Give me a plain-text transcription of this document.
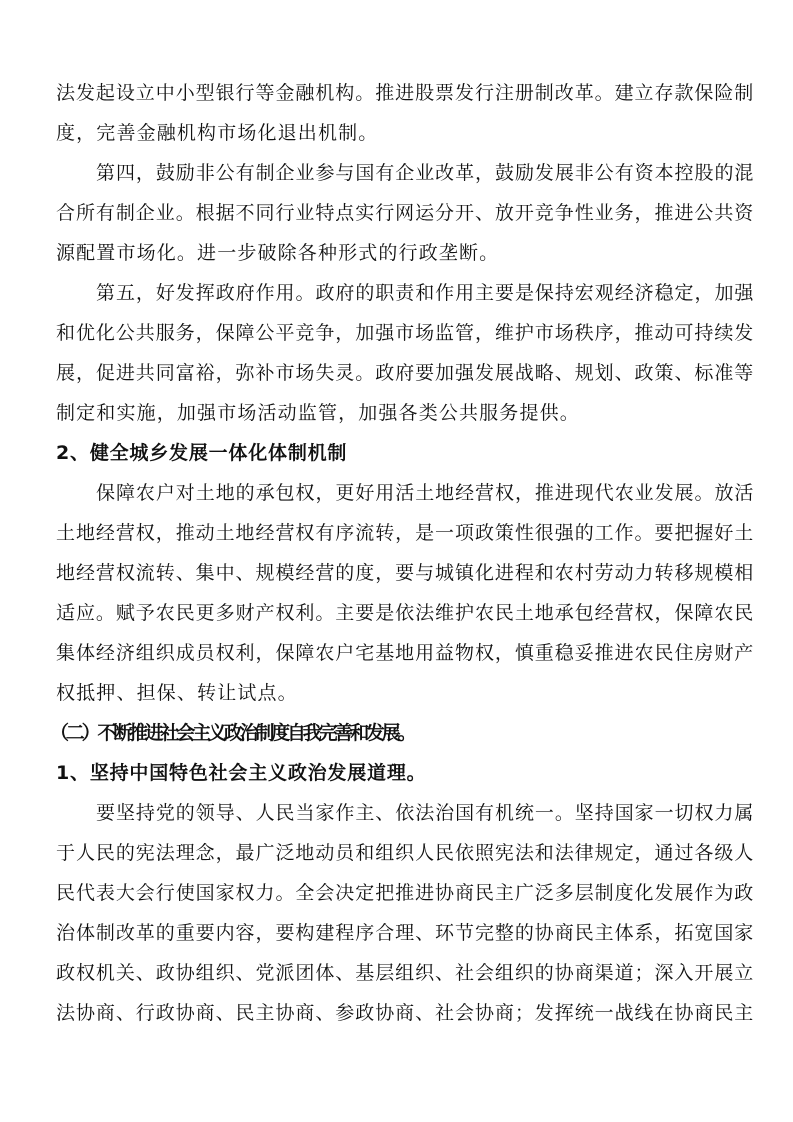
法发起设立中小型银行等金融机构。推进股票发行注册制改革。建立存款保险制
度，完善金融机构市场化退出机制。
第四，鼓励非公有制企业参与国有企业改革，鼓励发展非公有资本控股的混
合所有制企业。根据不同行业特点实行网运分开、放开竞争性业务，推进公共资
源配置市场化。进一步破除各种形式的行政垄断。
第五，好发挥政府作用。政府的职责和作用主要是保持宏观经济稳定，加强
和优化公共服务，保障公平竞争，加强市场监管，维护市场秩序，推动可持续发
展，促进共同富裕，弥补市场失灵。政府要加强发展战略、规划、政策、标准等
制定和实施，加强市场活动监管，加强各类公共服务提供。
2、健全城乡发展一体化体制机制
保障农户对土地的承包权，更好用活土地经营权，推进现代农业发展。放活
土地经营权，推动土地经营权有序流转，是一项政策性很强的工作。要把握好土
地经营权流转、集中、规模经营的度，要与城镇化进程和农村劳动力转移规模相
适应。赋予农民更多财产权利。主要是依法维护农民土地承包经营权，保障农民
集体经济组织成员权利，保障农户宅基地用益物权，慎重稳妥推进农民住房财产
权抵押、担保、转让试点。
（二）不断推进社会主义政治制度自我完善和发展。
1、坚持中国特色社会主义政治发展道理。
要坚持党的领导、人民当家作主、依法治国有机统一。坚持国家一切权力属
于人民的宪法理念，最广泛地动员和组织人民依照宪法和法律规定，通过各级人
民代表大会行使国家权力。全会决定把推进协商民主广泛多层制度化发展作为政
治体制改革的重要内容，要构建程序合理、环节完整的协商民主体系，拓宽国家
政权机关、政协组织、党派团体、基层组织、社会组织的协商渠道；深入开展立
法协商、行政协商、民主协商、参政协商、社会协商；发挥统一战线在协商民主
